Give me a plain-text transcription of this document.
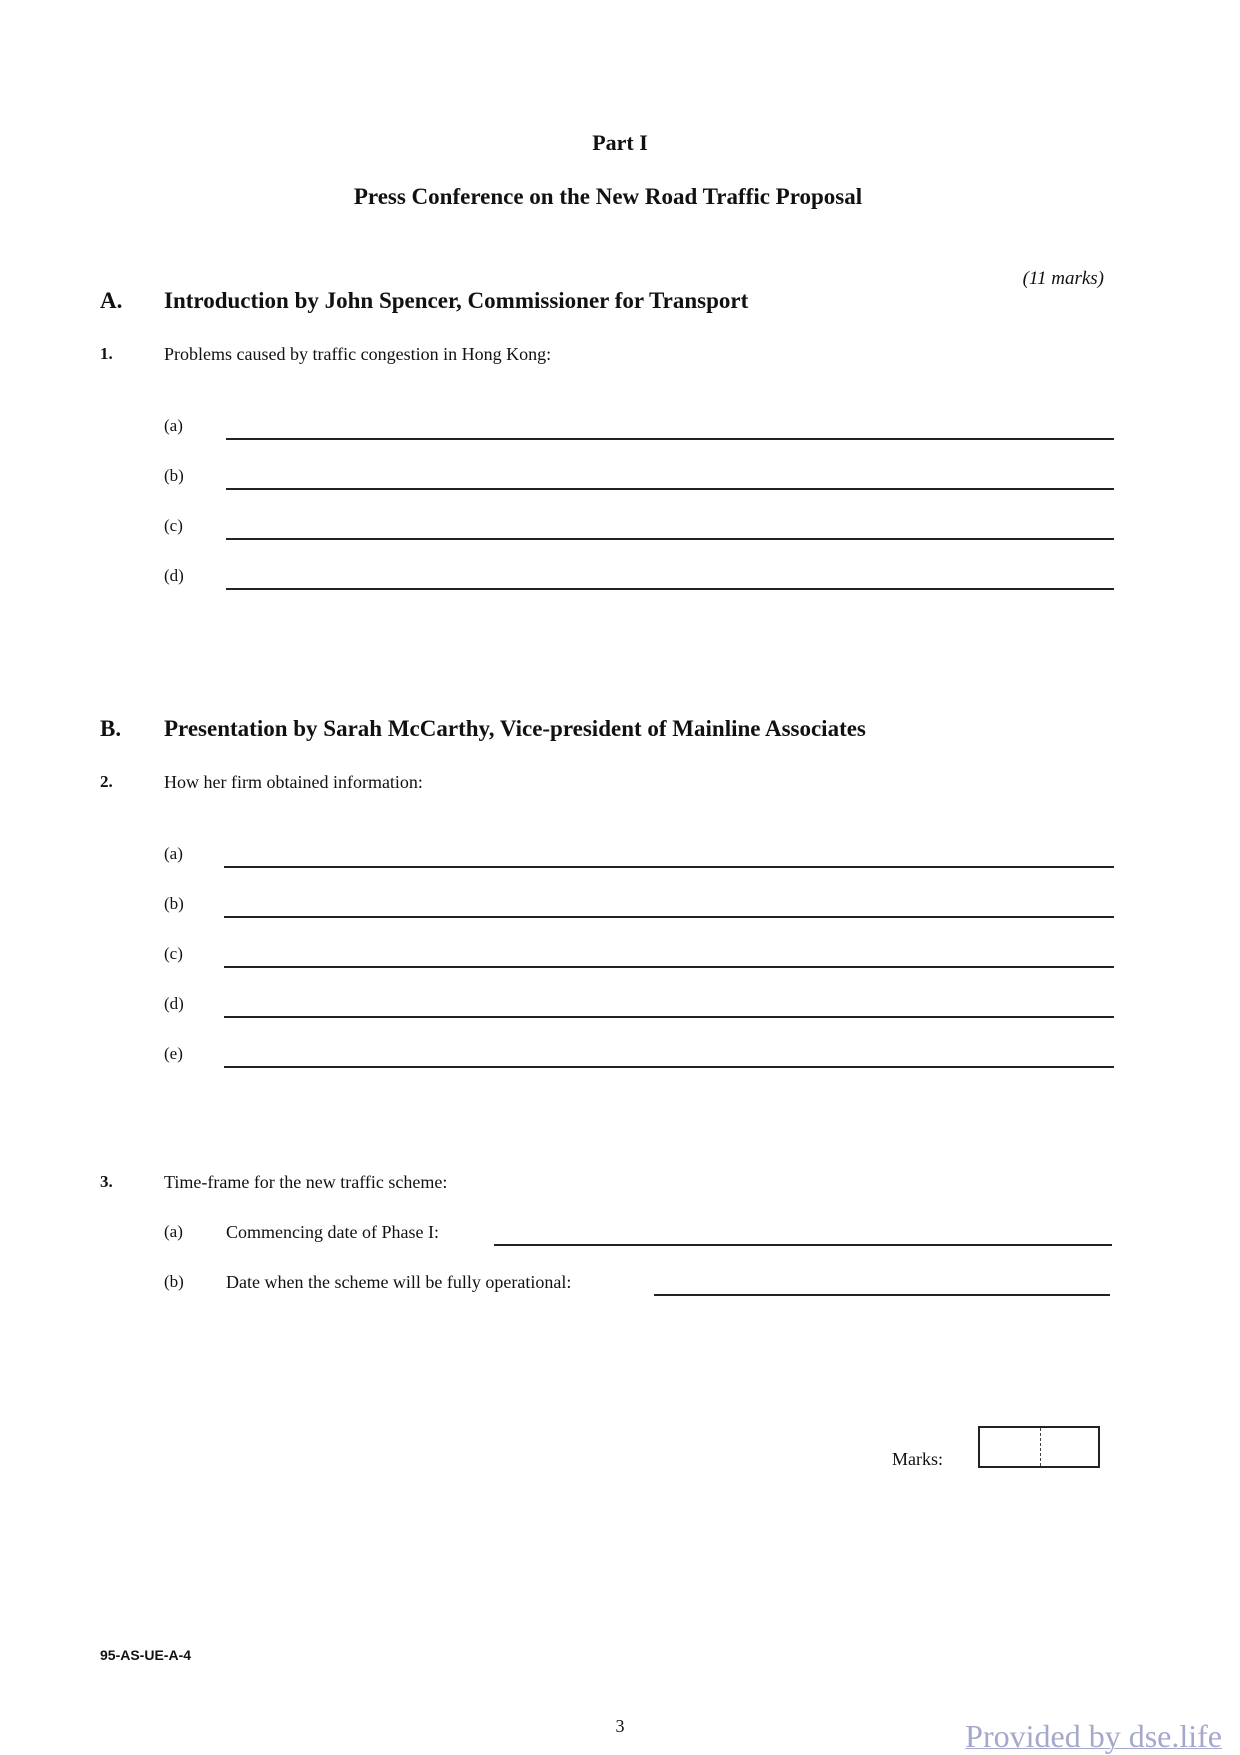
Part I
Press Conference on the New Road Traffic Proposal
(11 marks)
A. Introduction by John Spencer, Commissioner for Transport
1.	Problems caused by traffic congestion in Hong Kong:
(a)
(b)
(c)
(d)
B. Presentation by Sarah McCarthy, Vice-president of Mainline Associates
2.	How her firm obtained information:
(a)
(b)
(c)
(d)
(e)
3.	Time-frame for the new traffic scheme:
(a) Commencing date of Phase I:
(b) Date when the scheme will be fully operational:
Marks:
95-AS-UE-A-4
3	Provided by dse.life
